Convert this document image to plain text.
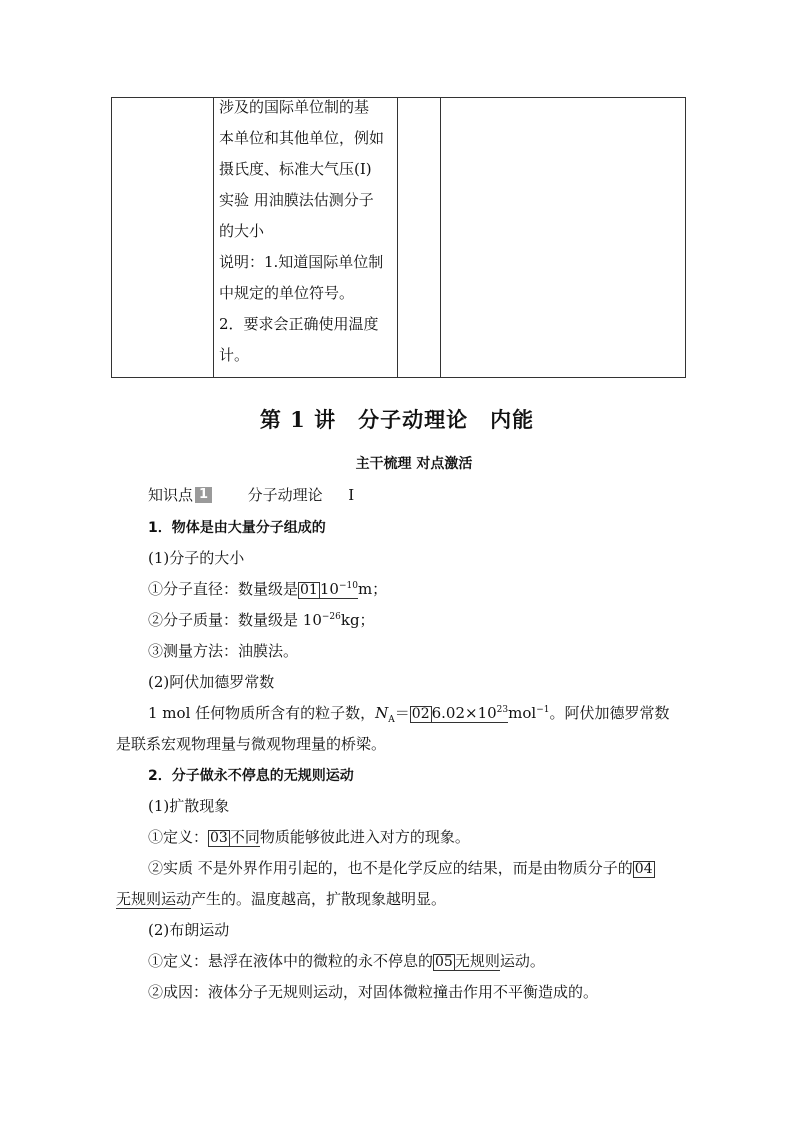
涉及的国际单位制的基
本单位和其他单位，例如
摄氏度、标准大气压(Ⅰ)
实验 用油膜法估测分子
的大小
说明：1.知道国际单位制
中规定的单位符号。
2．要求会正确使用温度
计。
第 1 讲　分子动理论　内能
主干梳理 对点激活
知识点 1	分子动理论 Ⅰ
1．物体是由大量分子组成的
(1)分子的大小
①分子直径：数量级是 01 $10^{-10}m$；
②分子质量：数量级是 $10^{-26}kg$；
③测量方法：油膜法。
(2)阿伏加德罗常数
1 mol 任何物质所含有的粒子数，$N_A= 02$ $6.02\times 10^{23}mol^{-1}$。阿伏加德罗常数
是联系宏观物理量与微观物理量的桥梁。
2．分子做永不停息的无规则运动
(1)扩散现象
①定义： 03 不同物质能够彼此进入对方的现象。
②实质 不是外界作用引起的，也不是化学反应的结果，而是由物质分子的 04
无规则运动产生的。温度越高，扩散现象越明显。
(2)布朗运动
①定义：悬浮在液体中的微粒的永不停息的 05 无规则运动。
②成因：液体分子无规则运动，对固体微粒撞击作用不平衡造成的。
